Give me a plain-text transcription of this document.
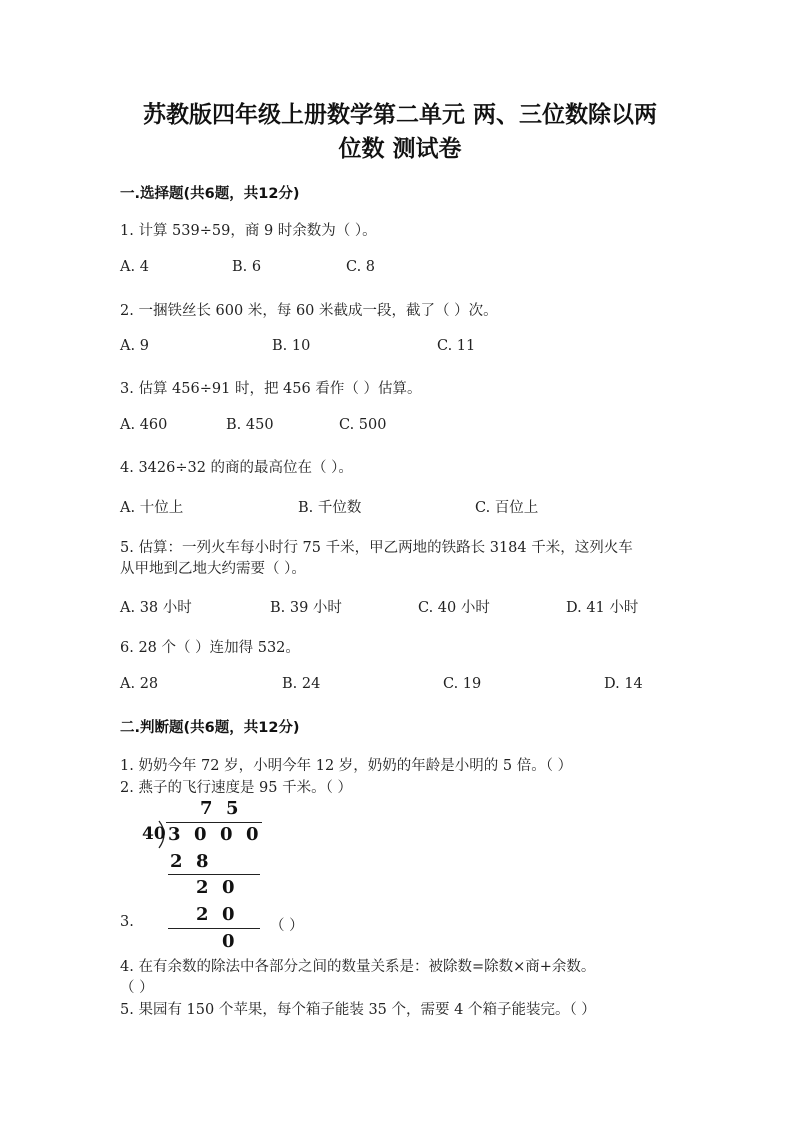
苏教版四年级上册数学第二单元 两、三位数除以两
位数 测试卷
一.选择题(共6题，共12分)
1. 计算 539÷59，商 9 时余数为（ ）。
A. 4	B. 6	C. 8
2. 一捆铁丝长 600 米，每 60 米截成一段，截了（ ）次。
A. 9	B. 10	C. 11
3. 估算 456÷91 时，把 456 看作（ ）估算。
A. 460	B. 450	C. 500
4. 3426÷32 的商的最高位在（ ）。
A. 十位上	B. 千位数	C. 百位上
5. 估算：一列火车每小时行 75 千米，甲乙两地的铁路长 3184 千米，这列火车
从甲地到乙地大约需要（ ）。
A. 38 小时	B. 39 小时	C. 40 小时	D. 41 小时
6. 28 个（ ）连加得 532。
A. 28	B. 24	C. 19	D. 14
二.判断题(共6题，共12分)
1. 奶奶今年 72 岁，小明今年 12 岁，奶奶的年龄是小明的 5 倍。（ ）
2. 燕子的飞行速度是 95 千米。（ ）
7 5
40 3 0 0 0
2 8
2 0
2 0
0
3.	（ ）
4. 在有余数的除法中各部分之间的数量关系是：被除数=除数×商+余数。
（ ）
5. 果园有 150 个苹果，每个箱子能装 35 个，需要 4 个箱子能装完。（ ）
